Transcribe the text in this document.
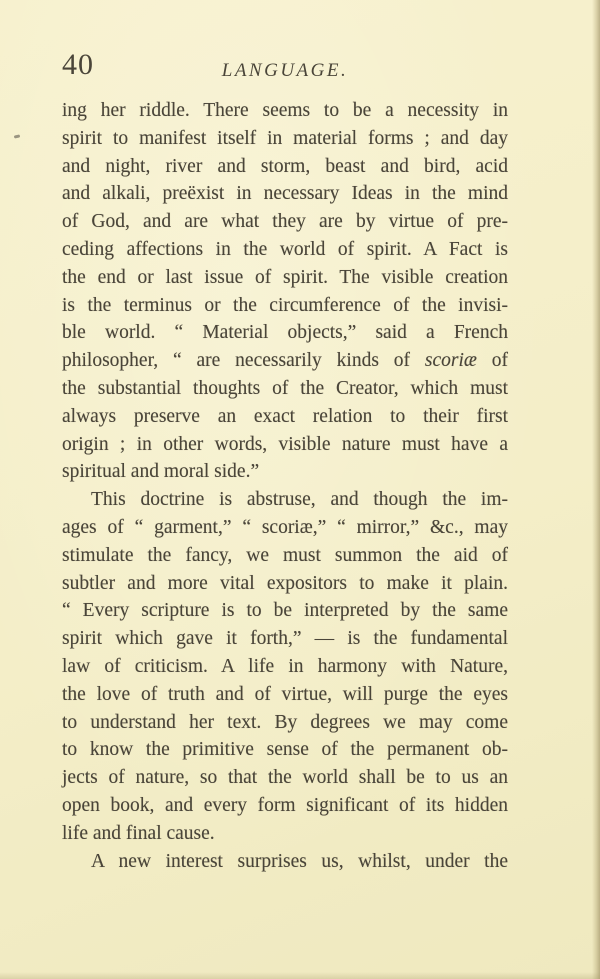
40	LANGUAGE.
ing her riddle. There seems to be a necessity in
spirit to manifest itself in material forms ; and day
and night, river and storm, beast and bird, acid
and alkali, preëxist in necessary Ideas in the mind
of God, and are what they are by virtue of pre-
ceding affections in the world of spirit. A Fact is
the end or last issue of spirit. The visible creation
is the terminus or the circumference of the invisi-
ble world. “ Material objects,” said a French
philosopher, “ are necessarily kinds of scoriæ of
the substantial thoughts of the Creator, which must
always preserve an exact relation to their first
origin ; in other words, visible nature must have a
spiritual and moral side.”
This doctrine is abstruse, and though the im-
ages of “ garment,” “ scoriæ,” “ mirror,” &c., may
stimulate the fancy, we must summon the aid of
subtler and more vital expositors to make it plain.
“ Every scripture is to be interpreted by the same
spirit which gave it forth,” — is the fundamental
law of criticism. A life in harmony with Nature,
the love of truth and of virtue, will purge the eyes
to understand her text. By degrees we may come
to know the primitive sense of the permanent ob-
jects of nature, so that the world shall be to us an
open book, and every form significant of its hidden
life and final cause.
A new interest surprises us, whilst, under the
